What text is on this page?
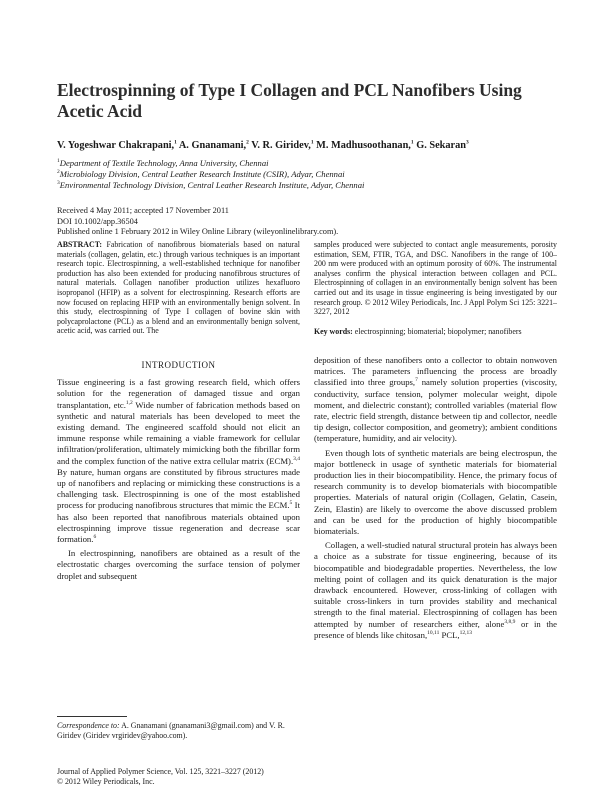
Electrospinning of Type I Collagen and PCL Nanofibers Using Acetic Acid

V. Yogeshwar Chakrapani,$^1$ A. Gnanamani,$^2$ V. R. Giridev,$^1$ M. Madhusoothanan,$^1$ G. Sekaran$^3$

$^1$Department of Textile Technology, Anna University, Chennai
$^2$Microbiology Division, Central Leather Research Institute (CSIR), Adyar, Chennai
$^3$Environmental Technology Division, Central Leather Research Institute, Adyar, Chennai
Received 4 May 2011; accepted 17 November 2011
DOI 10.1002/app.36504
Published online 1 February 2012 in Wiley Online Library (wileyonlinelibrary.com).
ABSTRACT: Fabrication of nanofibrous biomaterials based on natural materials (collagen, gelatin, etc.) through various techniques is an important research topic. Electrospinning, a well-established technique for nanofiber production has also been extended for producing nanofibrous structures of natural materials. Collagen nanofiber production utilizes hexafluoro isopropanol (HFIP) as a solvent for electrospinning. Research efforts are now focused on replacing HFIP with an environmentally benign solvent. In this study, electrospinning of Type I collagen of bovine skin with polycaprolactone (PCL) as a blend and an environmentally benign solvent, acetic acid, was carried out. The
samples produced were subjected to contact angle measurements, porosity estimation, SEM, FTIR, TGA, and DSC. Nanofibers in the range of 100–200 nm were produced with an optimum porosity of 60%. The instrumental analyses confirm the physical interaction between collagen and PCL. Electrospinning of collagen in an environmentally benign solvent has been carried out and its usage in tissue engineering is being investigated by our research group. © 2012 Wiley Periodicals, Inc. J Appl Polym Sci 125: 3221–3227, 2012
Key words: electrospinning; biomaterial; biopolymer; nanofibers
INTRODUCTION

Tissue engineering is a fast growing research field, which offers solution for the regeneration of damaged tissue and organ transplantation, etc.$^{1,2}$ Wide number of fabrication methods based on synthetic and natural materials has been developed to meet the existing demand. The engineered scaffold should not elicit an immune response while remaining a viable framework for cellular infiltration/proliferation, ultimately mimicking both the fibrillar form and the complex function of the native extra cellular matrix (ECM).$^{3,4}$ By nature, human organs are constituted by fibrous structures made up of nanofibers and replacing or mimicking these constructions is a challenging task. Electrospinning is one of the most established process for producing nanofibrous structures that mimic the ECM.$^5$ It has also been reported that nanofibrous materials obtained upon electrospinning improve tissue regeneration and decrease scar formation.$^6$

In electrospinning, nanofibers are obtained as a result of the electrostatic charges overcoming the surface tension of polymer droplet and subsequent

deposition of these nanofibers onto a collector to obtain nonwoven matrices. The parameters influencing the process are broadly classified into three groups,$^7$ namely solution properties (viscosity, conductivity, surface tension, polymer molecular weight, dipole moment, and dielectric constant); controlled variables (material flow rate, electric field strength, distance between tip and collector, needle tip design, collector composition, and geometry); ambient conditions (temperature, humidity, and air velocity).

Even though lots of synthetic materials are being electrospun, the major bottleneck in usage of synthetic materials for biomaterial production lies in their biocompatibility. Hence, the primary focus of research community is to develop biomaterials with biocompatible properties. Materials of natural origin (Collagen, Gelatin, Casein, Zein, Elastin) are likely to overcome the above discussed problem and can be used for the production of highly biocompatible biomaterials.

Collagen, a well-studied natural structural protein has always been a choice as a substrate for tissue engineering, because of its biocompatible and biodegradable properties. Nevertheless, the low melting point of collagen and its quick denaturation is the major drawback encountered. However, cross-linking of collagen with suitable cross-linkers in turn provides stability and mechanical strength to the final material. Electrospinning of collagen has been attempted by number of researchers either, alone$^{3,8,9}$ or in the presence of blends like chitosan,$^{10,11}$ PCL,$^{12,13}$

Correspondence to: A. Gnanamani (gnanamani3@gmail.com) and V. R. Giridev (Giridev vrgiridev@yahoo.com).
Journal of Applied Polymer Science, Vol. 125, 3221–3227 (2012)
© 2012 Wiley Periodicals, Inc.
